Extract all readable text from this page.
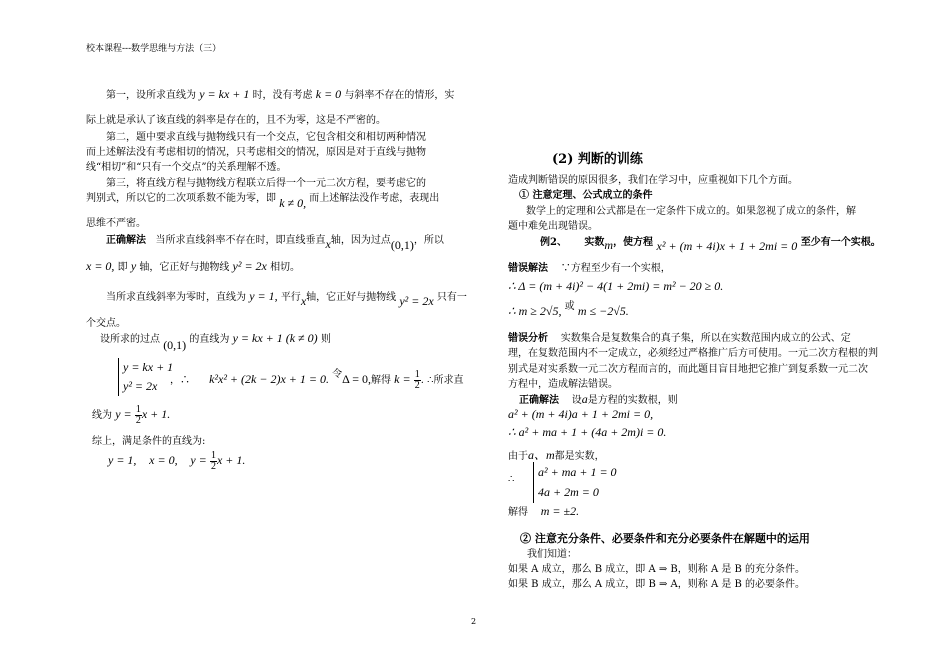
校本课程---数学思维与方法（三）
第一，设所求直线为 y = kx + 1 时，没有考虑 k = 0 与斜率不存在的情形，实
际上就是承认了该直线的斜率是存在的，且不为零，这是不严密的。
第二，题中要求直线与抛物线只有一个交点，它包含相交和相切两种情况
而上述解法没有考虑相切的情况，只考虑相交的情况，原因是对于直线与抛物
线“相切”和“只有一个交点”的关系理解不透。
第三，将直线方程与抛物线方程联立后得一个一元二次方程，要考虑它的
判别式，所以它的二次项系数不能为零，即 k ≠ 0, 而上述解法没作考虑，表现出
思维不严密。
正确解法 当所求直线斜率不存在时，即直线垂直x轴，因为过点(0,1)，所以
x = 0, 即 y 轴，它正好与抛物线 y² = 2x 相切。
当所求直线斜率为零时，直线为 y = 1, 平行x轴，它正好与抛物线 y² = 2x 只有一
个交点。
设所求的过点 (0,1) 的直线为 y = kx + 1 (k ≠ 0) 则
y = kx + 1
y² = 2x	，∴ k²x² + (2k − 2)x + 1 = 0. 令Δ = 0,解得 $k = \frac{1}{2}$ . ∴所求直
线为 $y = \frac{1}{2}$ x + 1.
综上，满足条件的直线为:
y = 1, x = 0, $y = \frac{1}{2}$ x + 1.
(2) 判断的训练
造成判断错误的原因很多，我们在学习中，应重视如下几个方面。
① 注意定理、公式成立的条件
数学上的定理和公式都是在一定条件下成立的。如果忽视了成立的条件，解
题中难免出现错误。
例2、 实数m，使方程 x² + (m + 4i)x + 1 + 2mi = 0 至少有一个实根。
错误解法 ∵方程至少有一个实根，
∴ Δ = (m + 4i)² − 4(1 + 2mi) = m² − 20 ≥ 0.
∴ m ≥ 2√5, 或 m ≤ −2√5.
错误分析 实数集合是复数集合的真子集，所以在实数范围内成立的公式、定
理，在复数范围内不一定成立，必须经过严格推广后方可使用。一元二次方程根的判
别式是对实系数一元二次方程而言的，而此题目盲目地把它推广到复系数一元二次
方程中，造成解法错误。
正确解法 设a是方程的实数根，则
a² + (m + 4i)a + 1 + 2mi = 0,
∴ a² + ma + 1 + (4a + 2m)i = 0.
由于a、m都是实数，
∴
a² + ma + 1 = 0
4a + 2m = 0
解得 m = ±2.
② 注意充分条件、必要条件和充分必要条件在解题中的运用
我们知道：
如果 A 成立，那么 B 成立，即 A ⇒ B，则称 A 是 B 的充分条件。
如果 B 成立，那么 A 成立，即 B ⇒ A，则称 A 是 B 的必要条件。
2
